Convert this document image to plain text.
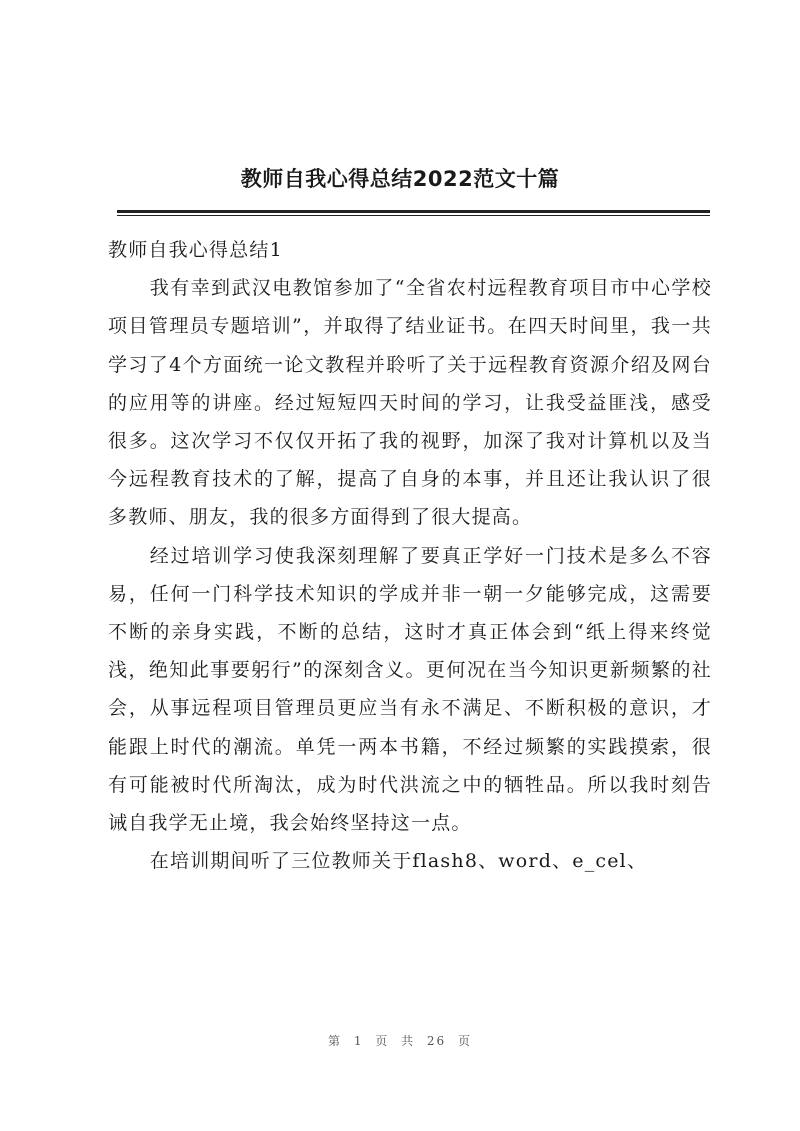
教师自我心得总结2022范文十篇

教师自我心得总结1

我有幸到武汉电教馆参加了“全省农村远程教育项目市中心学校项目管理员专题培训”，并取得了结业证书。在四天时间里，我一共学习了4个方面统一论文教程并聆听了关于远程教育资源介绍及网台的应用等的讲座。经过短短四天时间的学习，让我受益匪浅，感受很多。这次学习不仅仅开拓了我的视野，加深了我对计算机以及当今远程教育技术的了解，提高了自身的本事，并且还让我认识了很多教师、朋友，我的很多方面得到了很大提高。

经过培训学习使我深刻理解了要真正学好一门技术是多么不容易，任何一门科学技术知识的学成并非一朝一夕能够完成，这需要不断的亲身实践，不断的总结，这时才真正体会到“纸上得来终觉浅，绝知此事要躬行”的深刻含义。更何况在当今知识更新频繁的社会，从事远程项目管理员更应当有永不满足、不断积极的意识，才能跟上时代的潮流。单凭一两本书籍，不经过频繁的实践摸索，很有可能被时代所淘汰，成为时代洪流之中的牺牲品。所以我时刻告诫自我学无止境，我会始终坚持这一点。

在培训期间听了三位教师关于flash8、word、e_cel、

第 1 页 共 26 页
